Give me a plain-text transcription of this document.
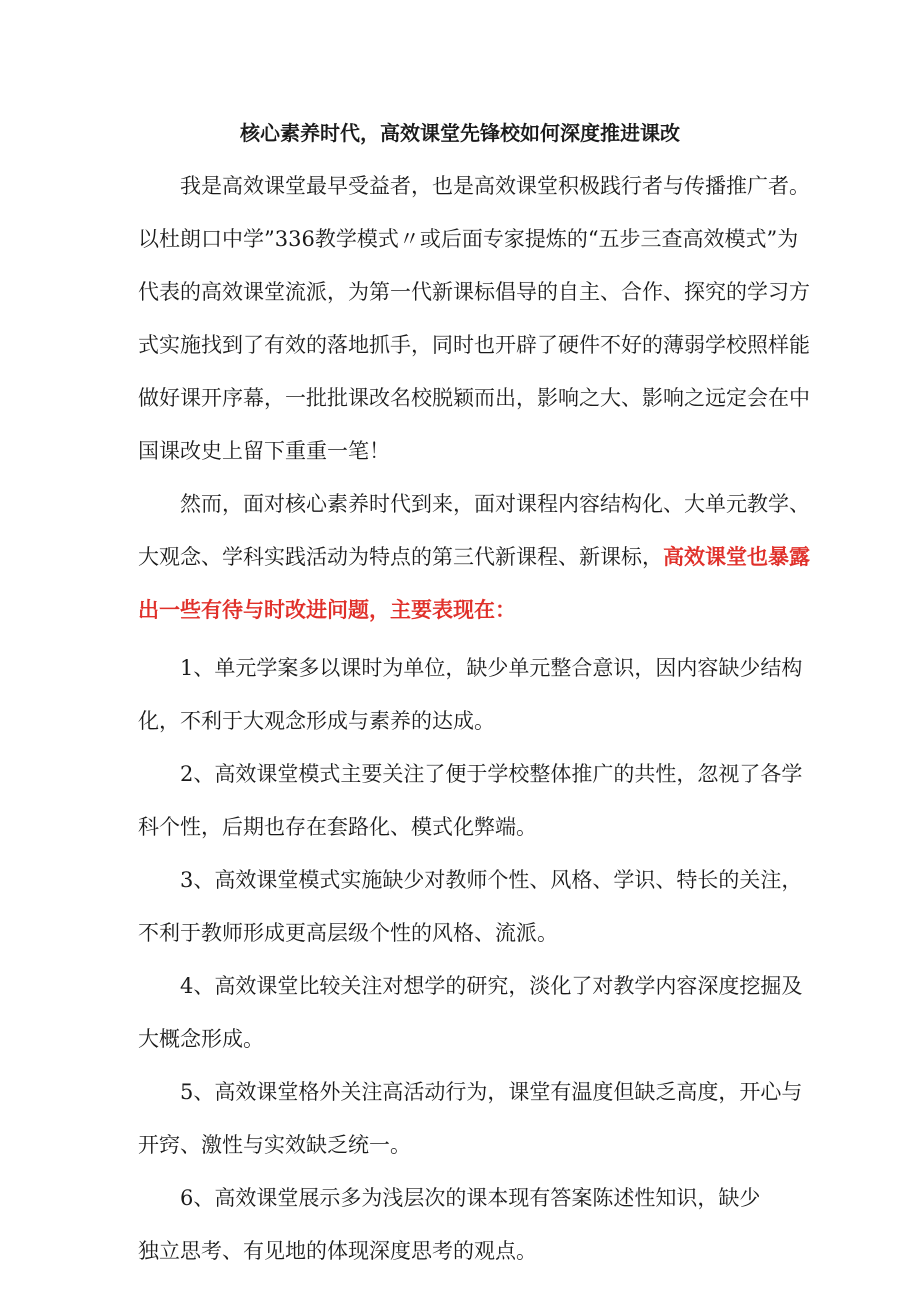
核心素养时代，高效课堂先锋校如何深度推进课改
我是高效课堂最早受益者，也是高效课堂积极践行者与传播推广者。
以杜朗口中学”336教学模式〃或后面专家提炼的“五步三查高效模式”为
代表的高效课堂流派，为第一代新课标倡导的自主、合作、探究的学习方
式实施找到了有效的落地抓手，同时也开辟了硬件不好的薄弱学校照样能
做好课开序幕，一批批课改名校脱颖而出，影响之大、影响之远定会在中
国课改史上留下重重一笔！
然而，面对核心素养时代到来，面对课程内容结构化、大单元教学、
大观念、学科实践活动为特点的第三代新课程、新课标，高效课堂也暴露
出一些有待与时改进问题，主要表现在：
1、单元学案多以课时为单位，缺少单元整合意识，因内容缺少结构
化，不利于大观念形成与素养的达成。
2、高效课堂模式主要关注了便于学校整体推广的共性，忽视了各学
科个性，后期也存在套路化、模式化弊端。
3、高效课堂模式实施缺少对教师个性、风格、学识、特长的关注，
不利于教师形成更高层级个性的风格、流派。
4、高效课堂比较关注对想学的研究，淡化了对教学内容深度挖掘及
大概念形成。
5、高效课堂格外关注高活动行为，课堂有温度但缺乏高度，开心与
开窍、激性与实效缺乏统一。
6、高效课堂展示多为浅层次的课本现有答案陈述性知识，缺少
独立思考、有见地的体现深度思考的观点。
